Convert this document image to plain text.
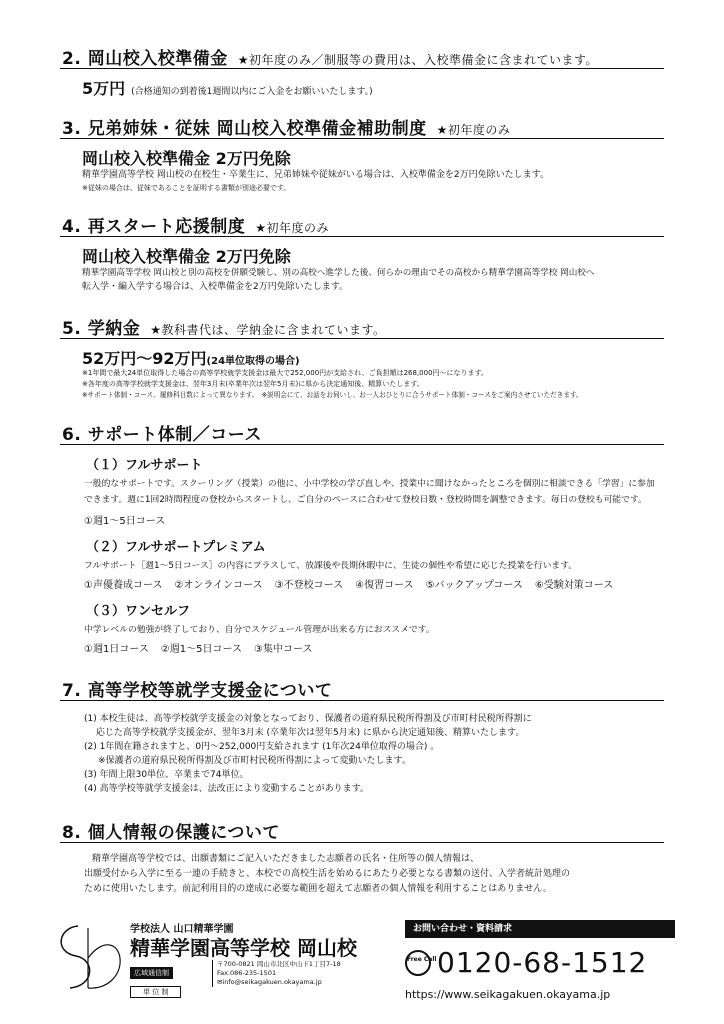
2. 岡山校入校準備金 ★初年度のみ／制服等の費用は、入校準備金に含まれています。
5万円 (合格通知の到着後1週間以内にご入金をお願いいたします。)
3. 兄弟姉妹・従妹 岡山校入校準備金補助制度 ★初年度のみ
岡山校入校準備金 2万円免除
精華学園高等学校 岡山校の在校生・卒業生に、兄弟姉妹や従妹がいる場合は、入校準備金を2万円免除いたします。
※従妹の場合は、従妹であることを証明する書類が別途必要です。
4. 再スタート応援制度 ★初年度のみ
岡山校入校準備金 2万円免除
精華学園高等学校 岡山校と別の高校を併願受験し、別の高校へ進学した後、何らかの理由でその高校から精華学園高等学校 岡山校へ
転入学・編入学する場合は、入校準備金を2万円免除いたします。
5. 学納金 ★教科書代は、学納金に含まれています。
52万円～92万円(24単位取得の場合)
※1年間で最大24単位取得した場合の高等学校就学支援金は最大で252,000円が支給され、ご負担額は268,000円～になります。
※各年度の高等学校就学支援金は、翌年3月末(卒業年次は翌年5月末)に県から決定通知後、精算いたします。
※サポート体制・コース、履修科目数によって異なります。　※説明会にて、お話をお伺いし、お一人おひとりに合うサポート体制・コースをご案内させていただきます。
6. サポート体制／コース
（１）フルサポート
一般的なサポートです。スクーリング（授業）の他に、小中学校の学び直しや、授業中に聞けなかったところを個別に相談できる「学習」に参加
できます。週に1回2時間程度の登校からスタートし、ご自分のペースに合わせて登校日数・登校時間を調整できます。毎日の登校も可能です。
①週1～5日コース
（２）フルサポートプレミアム
フルサポート［週1～5日コース］の内容にプラスして、放課後や長期休暇中に、生徒の個性や希望に応じた授業を行います。
①声優養成コース ②オンラインコース ③不登校コース ④復習コース ⑤バックアップコース ⑥受験対策コース
（３）ワンセルフ
中学レベルの勉強が終了しており、自分でスケジュール管理が出来る方におススメです。
①週1日コース ②週1～5日コース ③集中コース
7. 高等学校等就学支援金について
(1) 本校生徒は、高等学校就学支援金の対象となっており、保護者の道府県民税所得割及び市町村民税所得割に
　 応じた高等学校就学支援金が、翌年3月末 (卒業年次は翌年5月末) に県から決定通知後、精算いたします。
(2) 1年間在籍されますと、0円～252,000円支給されます (1年次24単位取得の場合) 。
※保護者の道府県民税所得割及び市町村民税所得割によって変動いたします。
(3) 年間上限30単位、卒業まで74単位。
(4) 高等学校等就学支援金は、法改正により変動することがあります。
8. 個人情報の保護について
精華学園高等学校では、出願書類にご記入いただきました志願者の氏名・住所等の個人情報は、
出願受付から入学に至る一連の手続きと、本校での高校生活を始めるにあたり必要となる書類の送付、入学者統計処理の
ために使用いたします。前記利用目的の達成に必要な範囲を超えて志願者の個人情報を利用することはありません。
学校法人 山口精華学園
精華学園高等学校 岡山校
広域通信制
単 位 制
〒700-0821 岡山市北区中山下1丁目7-18
Fax.086-235-1501
✉info@seikagakuen.okayama.jp
お問い合わせ・資料請求
Free Call0120-68-1512
https://www.seikagakuen.okayama.jp
